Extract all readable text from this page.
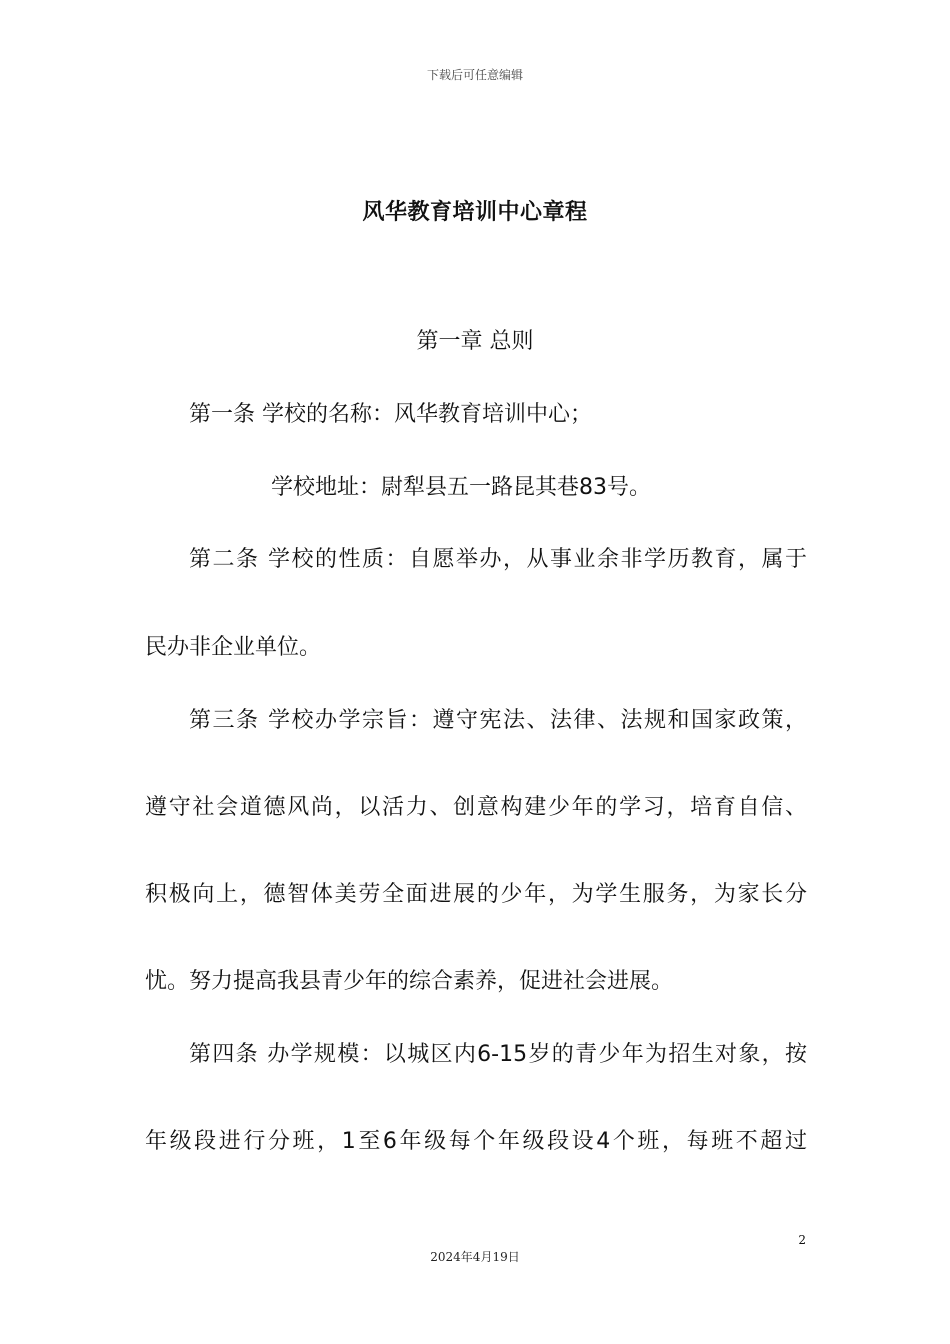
下载后可任意编辑
风华教育培训中心章程
第一章 总则
第一条 学校的名称：风华教育培训中心；
学校地址：尉犁县五一路昆其巷83号。
第二条 学校的性质：自愿举办，从事业余非学历教育，属于
民办非企业单位。
第三条 学校办学宗旨：遵守宪法、法律、法规和国家政策，
遵守社会道德风尚，以活力、创意构建少年的学习，培育自信、
积极向上，德智体美劳全面进展的少年，为学生服务，为家长分
忧。努力提高我县青少年的综合素养，促进社会进展。
第四条 办学规模：以城区内6-15岁的青少年为招生对象，按
年级段进行分班，1至6年级每个年级段设4个班，每班不超过
2
2024年4月19日
